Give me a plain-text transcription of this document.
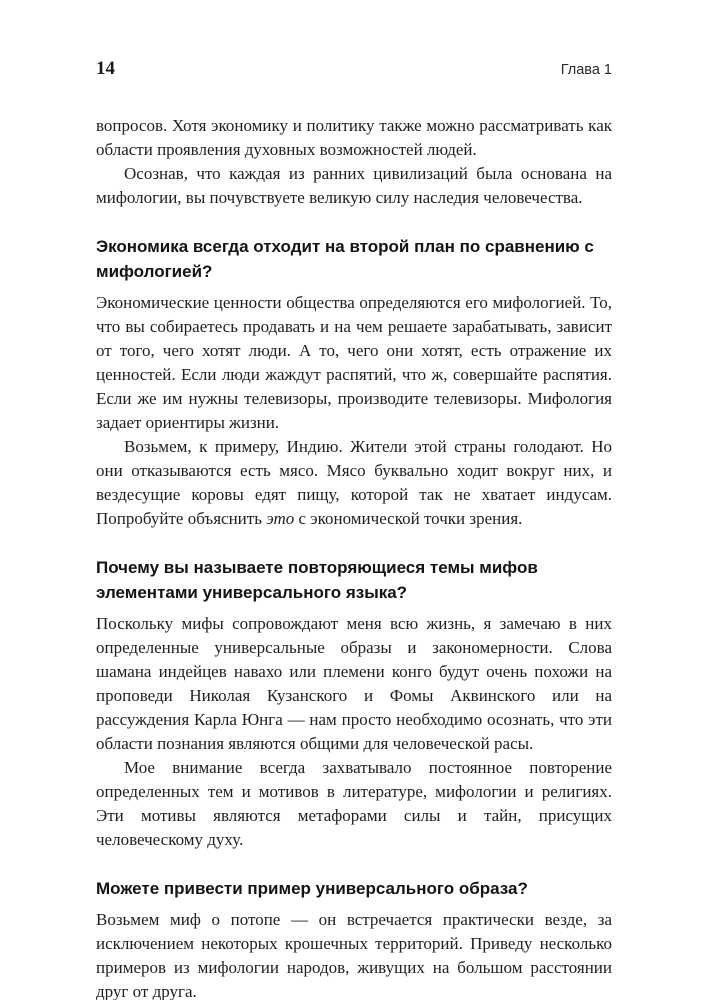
14	Глава 1

вопросов. Хотя экономику и политику также можно рассматривать как области проявления духовных возможностей людей.

Осознав, что каждая из ранних цивилизаций была основана на мифологии, вы почувствуете великую силу наследия человечества.

Экономика всегда отходит на второй план по сравнению с мифологией?

Экономические ценности общества определяются его мифологией. То, что вы собираетесь продавать и на чем решаете зарабатывать, зависит от того, чего хотят люди. А то, чего они хотят, есть отражение их ценностей. Если люди жаждут распятий, что ж, совершайте распятия. Если же им нужны телевизоры, производите телевизоры. Мифология задает ориентиры жизни.

Возьмем, к примеру, Индию. Жители этой страны голодают. Но они отказываются есть мясо. Мясо буквально ходит вокруг них, и вездесущие коровы едят пищу, которой так не хватает индусам. Попробуйте объяснить это с экономической точки зрения.

Почему вы называете повторяющиеся темы мифов элементами универсального языка?

Поскольку мифы сопровождают меня всю жизнь, я замечаю в них определенные универсальные образы и закономерности. Слова шамана индейцев навахо или племени конго будут очень похожи на проповеди Николая Кузанского и Фомы Аквинского или на рассуждения Карла Юнга — нам просто необходимо осознать, что эти области познания являются общими для человеческой расы.

Мое внимание всегда захватывало постоянное повторение определенных тем и мотивов в литературе, мифологии и религиях. Эти мотивы являются метафорами силы и тайн, присущих человеческому духу.

Можете привести пример универсального образа?

Возьмем миф о потопе — он встречается практически везде, за исключением некоторых крошечных территорий. Приведу несколько примеров из мифологии народов, живущих на большом расстоянии друг от друга.
